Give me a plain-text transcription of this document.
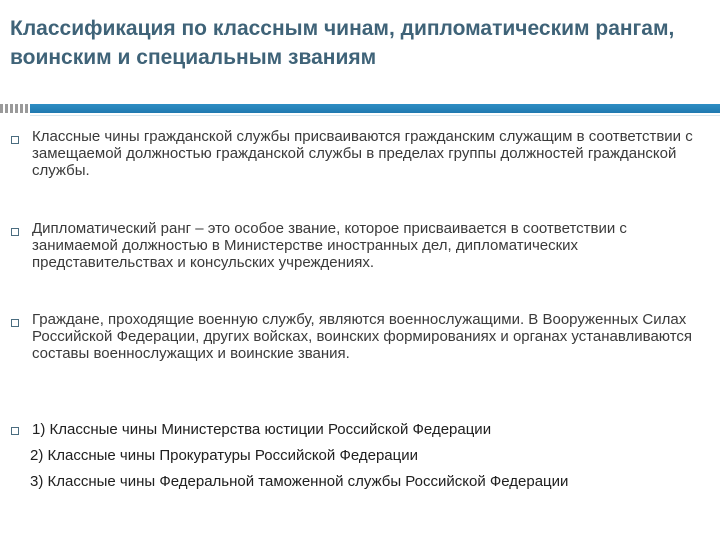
Классификация по классным чинам, дипломатическим рангам, воинским и специальным званиям
Классные чины гражданской службы присваиваются гражданским служащим в соответствии с замещаемой должностью гражданской службы в пределах группы должностей гражданской службы.
Дипломатический ранг – это особое звание, которое присваивается в соответствии с занимаемой должностью в Министерстве иностранных дел, дипломатических представительствах и консульских учреждениях.
Граждане, проходящие военную службу, являются военнослужащими. В Вооруженных Силах Российской Федерации, других войсках, воинских формированиях и органах устанавливаются составы военнослужащих и воинские звания.
1) Классные чины Министерства юстиции Российской Федерации
2) Классные чины Прокуратуры Российской Федерации
3) Классные чины Федеральной таможенной службы Российской Федерации
